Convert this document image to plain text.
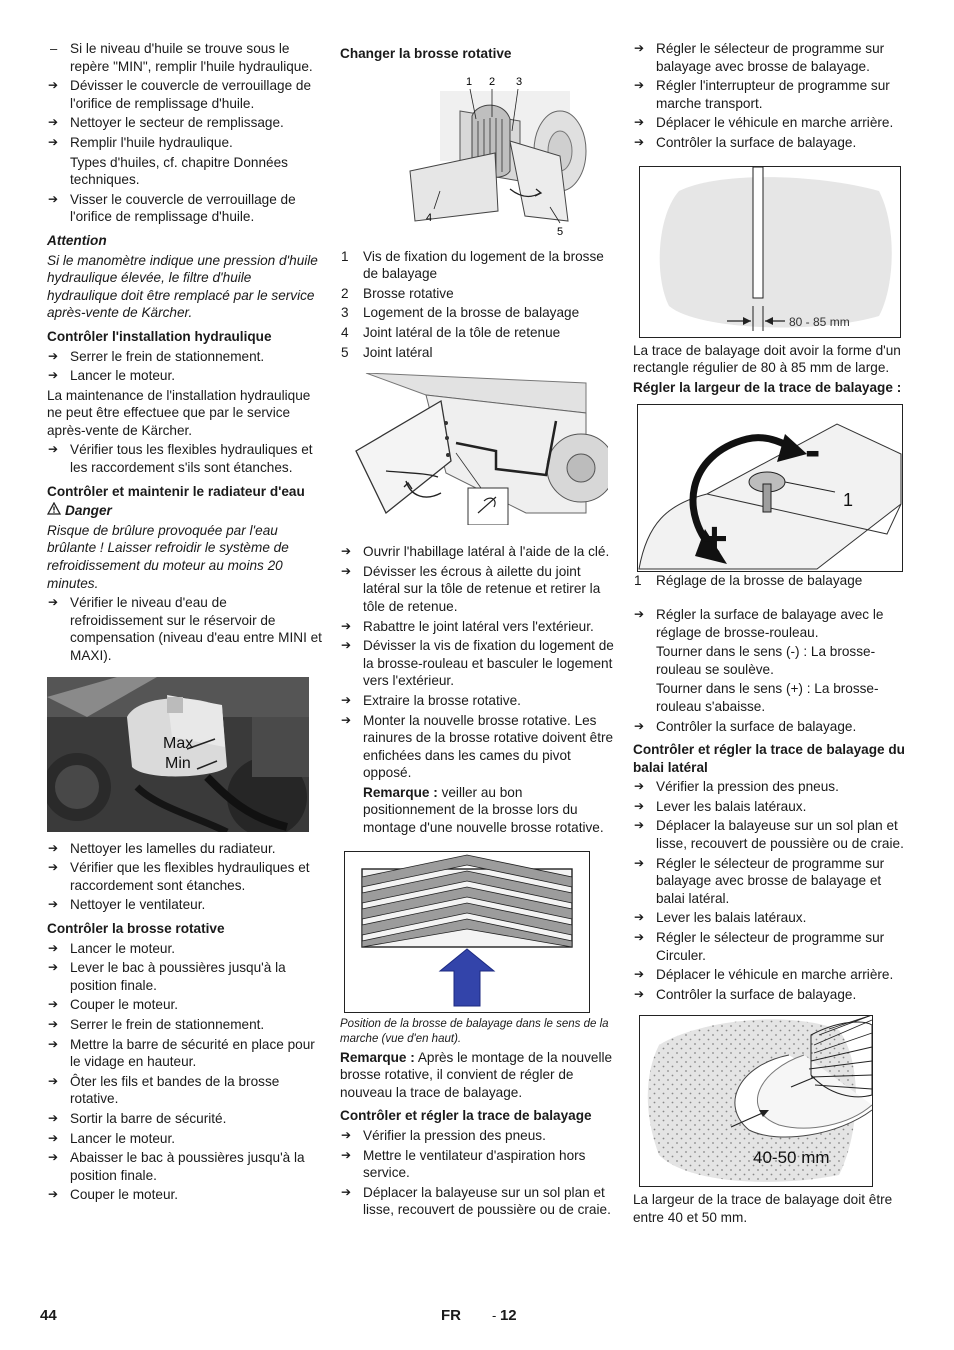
– Si le niveau d'huile se trouve sous le repère "MIN", remplir l'huile hydraulique.
➔ Dévisser le couvercle de verrouillage de l'orifice de remplissage d'huile.
➔ Nettoyer le secteur de remplissage.
➔ Remplir l'huile hydraulique.
Types d'huiles, cf. chapitre Données techniques.
➔ Visser le couvercle de verrouillage de l'orifice de remplissage d'huile.
Attention
Si le manomètre indique une pression d'huile hydraulique élevée, le filtre d'huile hydraulique doit être remplacé par le service après-vente de Kärcher.
Contrôler l'installation hydraulique
➔ Serrer le frein de stationnement.
➔ Lancer le moteur.
La maintenance de l'installation hydraulique ne peut être effectuee que par le service après-vente de Kärcher.
➔ Vérifier tous les flexibles hydrauliques et les raccordement s'ils sont étanches.
Contrôler et maintenir le radiateur d'eau
Danger
Risque de brûlure provoquée par l'eau brûlante ! Laisser refroidir le système de refroidissement du moteur au moins 20 minutes.
➔ Vérifier le niveau d'eau de refroidissement sur le réservoir de compensation (niveau d'eau entre MINI et MAXI).
Max
Min
➔ Nettoyer les lamelles du radiateur.
➔ Vérifier que les flexibles hydrauliques et raccordement sont étanches.
➔ Nettoyer le ventilateur.
Contrôler la brosse rotative
➔ Lancer le moteur.
➔ Lever le bac à poussières jusqu'à la position finale.
➔ Couper le moteur.
➔ Serrer le frein de stationnement.
➔ Mettre la barre de sécurité en place pour le vidage en hauteur.
➔ Ôter les fils et bandes de la brosse rotative.
➔ Sortir la barre de sécurité.
➔ Lancer le moteur.
➔ Abaisser le bac à poussières jusqu'à la position finale.
➔ Couper le moteur.
Changer la brosse rotative
1 2 3
4
5
1 Vis de fixation du logement de la brosse de balayage
2 Brosse rotative
3 Logement de la brosse de balayage
4 Joint latéral de la tôle de retenue
5 Joint latéral
➔ Ouvrir l'habillage latéral à l'aide de la clé.
➔ Dévisser les écrous à ailette du joint latéral sur la tôle de retenue et retirer la tôle de retenue.
➔ Rabattre le joint latéral vers l'extérieur.
➔ Dévisser la vis de fixation du logement de la brosse-rouleau et basculer le logement vers l'extérieur.
➔ Extraire la brosse rotative.
➔ Monter la nouvelle brosse rotative. Les rainures de la brosse rotative doivent être enfichées dans les cames du pivot opposé.
Remarque : veiller au bon positionnement de la brosse lors du montage d'une nouvelle brosse rotative.
Position de la brosse de balayage dans le sens de la marche (vue d'en haut).
Remarque : Après le montage de la nouvelle brosse rotative, il convient de régler de nouveau la trace de balayage.
Contrôler et régler la trace de balayage
➔ Vérifier la pression des pneus.
➔ Mettre le ventilateur d'aspiration hors service.
➔ Déplacer la balayeuse sur un sol plan et lisse, recouvert de poussière ou de craie.
➔ Régler le sélecteur de programme sur balayage avec brosse de balayage.
➔ Régler l'interrupteur de programme sur marche transport.
➔ Déplacer le véhicule en marche arrière.
➔ Contrôler la surface de balayage.
80 - 85 mm
La trace de balayage doit avoir la forme d'un rectangle régulier de 80 à 85 mm de large.
Régler la largeur de la trace de balayage :
-
+
1
1 Réglage de la brosse de balayage
➔ Régler la surface de balayage avec le réglage de brosse-rouleau.
Tourner dans le sens (-) : La brosse-rouleau se soulève.
Tourner dans le sens (+) : La brosse-rouleau s'abaisse.
➔ Contrôler la surface de balayage.
Contrôler et régler la trace de balayage du balai latéral
➔ Vérifier la pression des pneus.
➔ Lever les balais latéraux.
➔ Déplacer la balayeuse sur un sol plan et lisse, recouvert de poussière ou de craie.
➔ Régler le sélecteur de programme sur balayage avec brosse de balayage et balai latéral.
➔ Lever les balais latéraux.
➔ Régler le sélecteur de programme sur Circuler.
➔ Déplacer le véhicule en marche arrière.
➔ Contrôler la surface de balayage.
40-50 mm
La largeur de la trace de balayage doit être entre 40 et 50 mm.
44	FR - 12
